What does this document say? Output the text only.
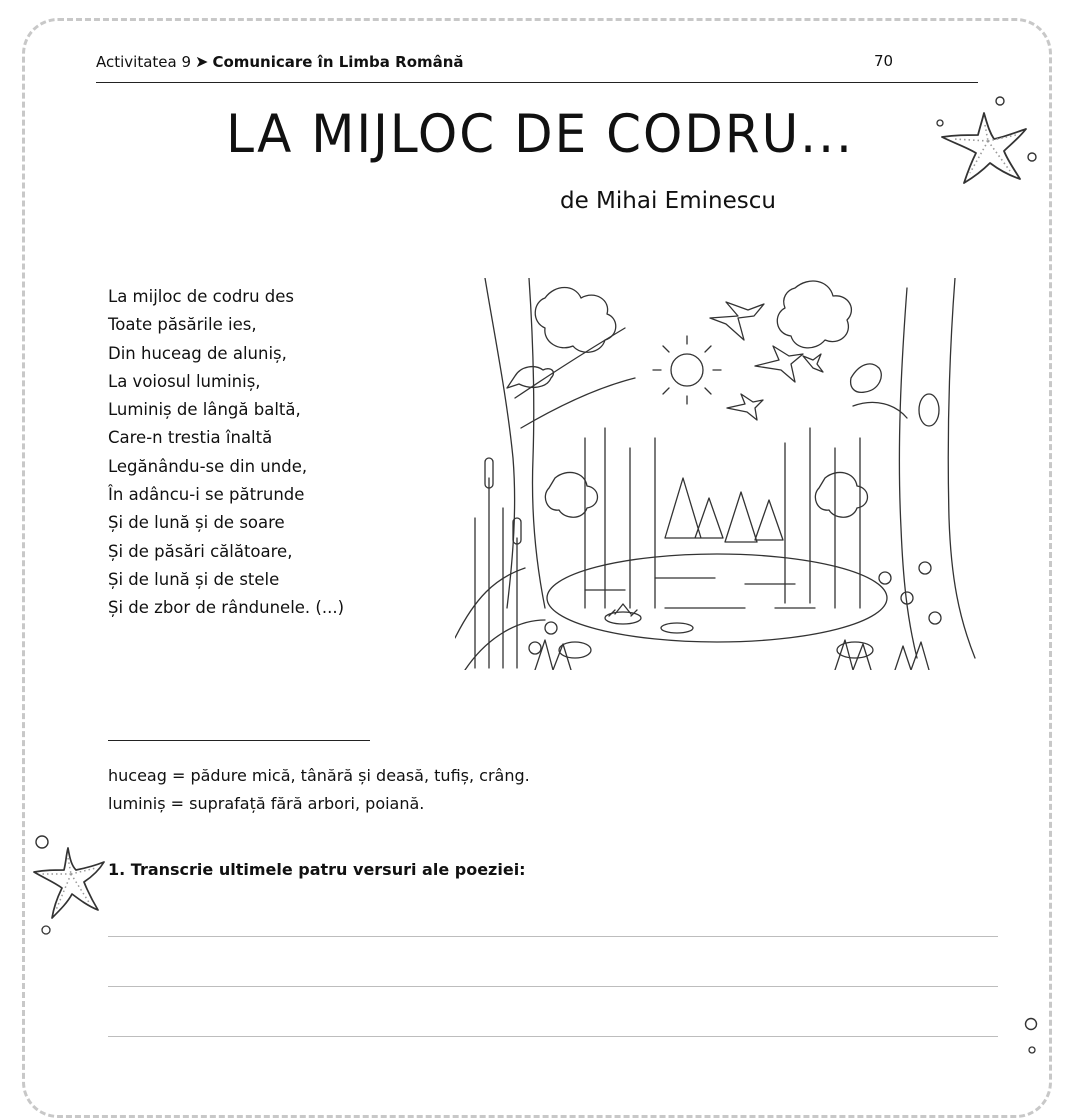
Activitatea 9 ➤ Comunicare în Limba Română	70
LA MIJLOC DE CODRU...
de Mihai Eminescu
La mijloc de codru des
Toate păsările ies,
Din huceag de aluniș,
La voiosul luminiș,
Luminiș de lângă baltă,
Care-n trestia înaltă
Legănându-se din unde,
În adâncu-i se pătrunde
Și de lună și de soare
Și de păsări călătoare,
Și de lună și de stele
Și de zbor de rândunele. (...)
huceag = pădure mică, tânără și deasă, tufiș, crâng.
luminiș = suprafață fără arbori, poiană.
1. Transcrie ultimele patru versuri ale poeziei:
